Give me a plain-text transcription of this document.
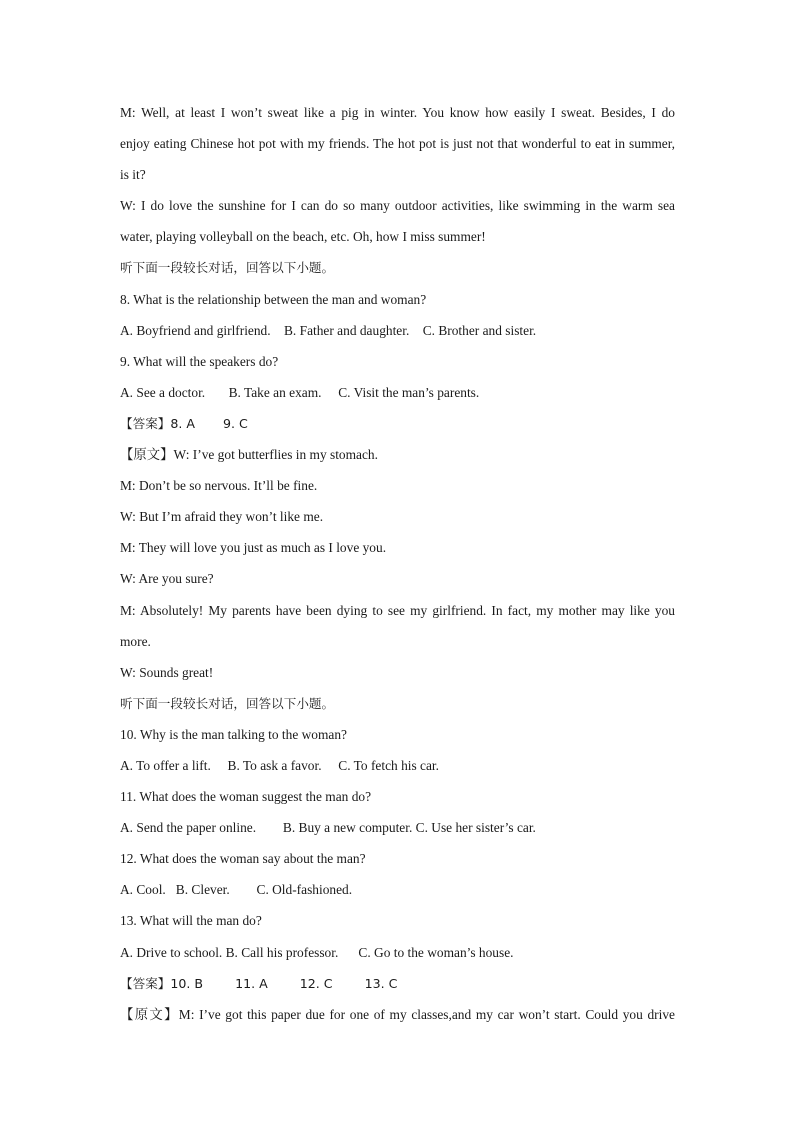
M: Well, at least I won’t sweat like a pig in winter. You know how easily I sweat. Besides, I do
enjoy eating Chinese hot pot with my friends. The hot pot is just not that wonderful to eat in summer,
is it?
W: I do love the sunshine for I can do so many outdoor activities, like swimming in the warm sea
water, playing volleyball on the beach, etc. Oh, how I miss summer!
听下面一段较长对话，回答以下小题。
8. What is the relationship between the man and woman?
A. Boyfriend and girlfriend.    B. Father and daughter.    C. Brother and sister.
9. What will the speakers do?
A. See a doctor.       B. Take an exam.     C. Visit the man’s parents.
【答案】8. A       9. C
【原文】W: I’ve got butterflies in my stomach.
M: Don’t be so nervous. It’ll be fine.
W: But I’m afraid they won’t like me.
M: They will love you just as much as I love you.
W: Are you sure?
M: Absolutely! My parents have been dying to see my girlfriend. In fact, my mother may like you
more.
W: Sounds great!
听下面一段较长对话，回答以下小题。
10. Why is the man talking to the woman?
A. To offer a lift.     B. To ask a favor.     C. To fetch his car.
11. What does the woman suggest the man do?
A. Send the paper online.        B. Buy a new computer. C. Use her sister’s car.
12. What does the woman say about the man?
A. Cool.   B. Clever.        C. Old-fashioned.
13. What will the man do?
A. Drive to school. B. Call his professor.      C. Go to the woman’s house.
【答案】10. B        11. A        12. C        13. C
【原文】M: I’ve got this paper due for one of my classes,and my car won’t start. Could you drive
